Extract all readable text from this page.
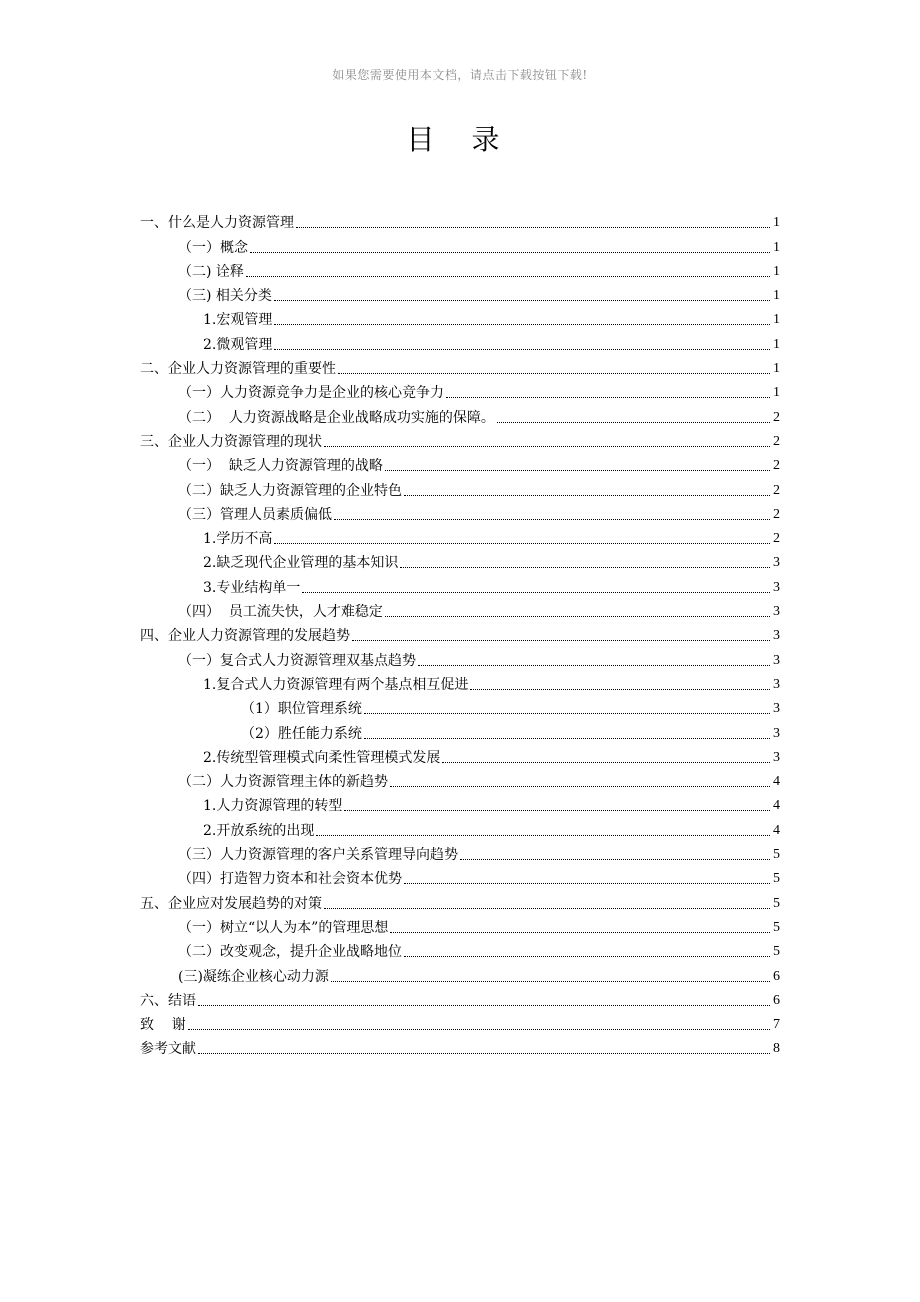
如果您需要使用本文档，请点击下载按钮下载!
目 录
一、什么是人力资源管理	1
（一）概念	1
（二) 诠释	1
（三) 相关分类	1
1.宏观管理	1
2.微观管理	1
二、企业人力资源管理的重要性	1
（一）人力资源竞争力是企业的核心竞争力	1
（二）  人力资源战略是企业战略成功实施的保障。	2
三、企业人力资源管理的现状	2
（一）  缺乏人力资源管理的战略	2
（二）缺乏人力资源管理的企业特色	2
（三）管理人员素质偏低	2
1.学历不高	2
2.缺乏现代企业管理的基本知识	3
3.专业结构单一	3
（四）  员工流失快，人才难稳定	3
四、企业人力资源管理的发展趋势	3
（一）复合式人力资源管理双基点趋势	3
1.复合式人力资源管理有两个基点相互促进	3
（1）职位管理系统	3
（2）胜任能力系统	3
2.传统型管理模式向柔性管理模式发展	3
（二）人力资源管理主体的新趋势	4
1.人力资源管理的转型	4
2.开放系统的出现	4
（三）人力资源管理的客户关系管理导向趋势	5
（四）打造智力资本和社会资本优势	5
五、企业应对发展趋势的对策	5
（一）树立“以人为本”的管理思想	5
（二）改变观念，提升企业战略地位	5
(三)凝练企业核心动力源	6
六、结语	6
致    谢	7
参考文献	8
